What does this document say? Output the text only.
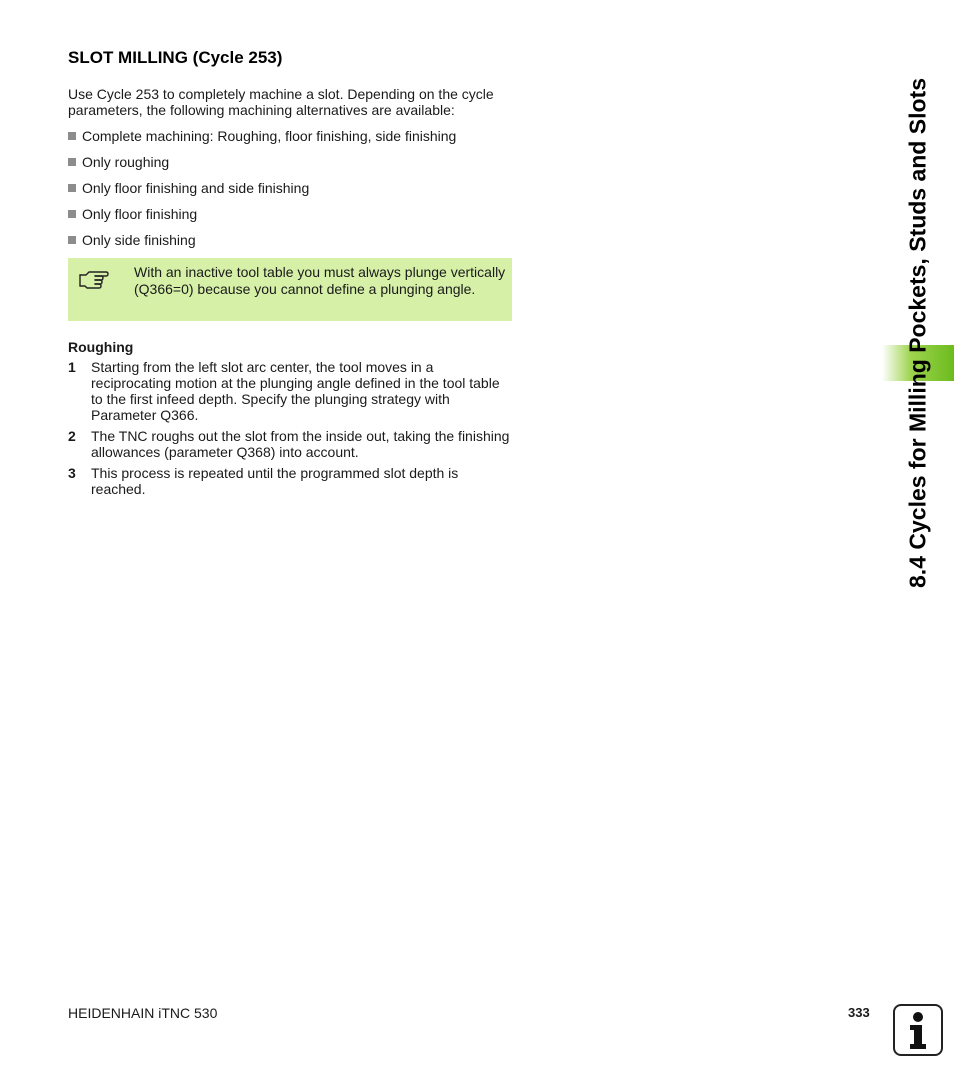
SLOT MILLING (Cycle 253)
Use Cycle 253 to completely machine a slot. Depending on the cycle parameters, the following machining alternatives are available:
Complete machining: Roughing, floor finishing, side finishing
Only roughing
Only floor finishing and side finishing
Only floor finishing
Only side finishing
With an inactive tool table you must always plunge vertically (Q366=0) because you cannot define a plunging angle.
Roughing
1	Starting from the left slot arc center, the tool moves in a reciprocating motion at the plunging angle defined in the tool table to the first infeed depth. Specify the plunging strategy with Parameter Q366.
2	The TNC roughs out the slot from the inside out, taking the finishing allowances (parameter Q368) into account.
3	This process is repeated until the programmed slot depth is reached.	8.4 Cycles for Milling Pockets, Studs and Slots
HEIDENHAIN iTNC 530	333
